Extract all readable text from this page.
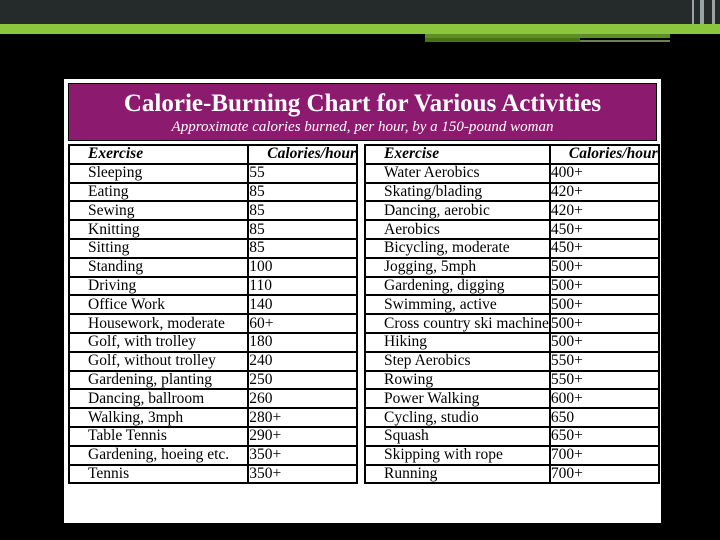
Calorie-Burning Chart for Various Activities
Approximate calories burned, per hour, by a 150-pound woman
Exercise	Calories/hour
Sleeping	55
Eating	85
Sewing	85
Knitting	85
Sitting	85
Standing	100
Driving	110
Office Work	140
Housework, moderate	60+
Golf, with trolley	180
Golf, without trolley	240
Gardening, planting	250
Dancing, ballroom	260
Walking, 3mph	280+
Table Tennis	290+
Gardening, hoeing etc.	350+
Tennis	350+
Exercise	Calories/hour
Water Aerobics	400+
Skating/blading	420+
Dancing, aerobic	420+
Aerobics	450+
Bicycling, moderate	450+
Jogging, 5mph	500+
Gardening, digging	500+
Swimming, active	500+
Cross country ski machine	500+
Hiking	500+
Step Aerobics	550+
Rowing	550+
Power Walking	600+
Cycling, studio	650
Squash	650+
Skipping with rope	700+
Running	700+
